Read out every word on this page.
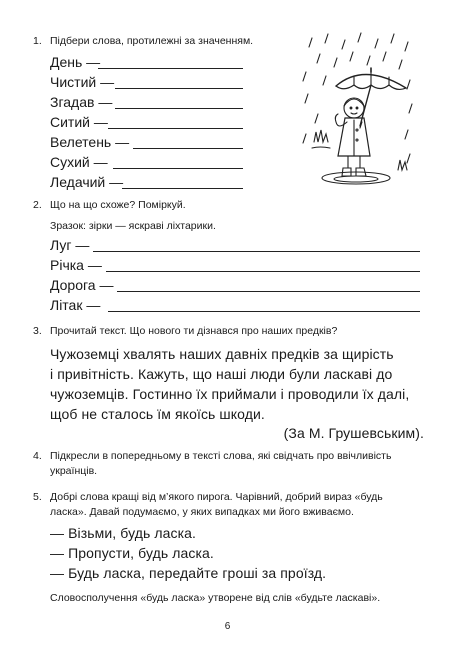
1. Підбери слова, протилежні за значенням.
День —
Чистий —
Згадав —
Ситий —
Велетень —
Сухий —
Ледачий —
2. Що на що схоже? Поміркуй.
Зразок: зірки — яскраві ліхтарики.
Луг —
Річка —
Дорога —
Літак —
3. Прочитай текст. Що нового ти дізнався про наших предків?
Чужоземці хвалять наших давніх предків за щирість
і привітність. Кажуть, що наші люди були ласкаві до
чужоземців. Гостинно їх приймали і проводили їх далі,
щоб не сталось їм якоїсь шкоди.
(За М. Грушевським).
4. Підкресли в попередньому в тексті слова, які свідчать про ввічливість
українців.
5. Добрі слова кращі від м’якого пирога. Чарівний, добрий вираз «будь
ласка». Давай подумаємо, у яких випадках ми його вживаємо.
— Візьми, будь ласка.
— Пропусти, будь ласка.
— Будь ласка, передайте гроші за проїзд.
Словосполучення «будь ласка» утворене від слів «будьте ласкаві».
6
